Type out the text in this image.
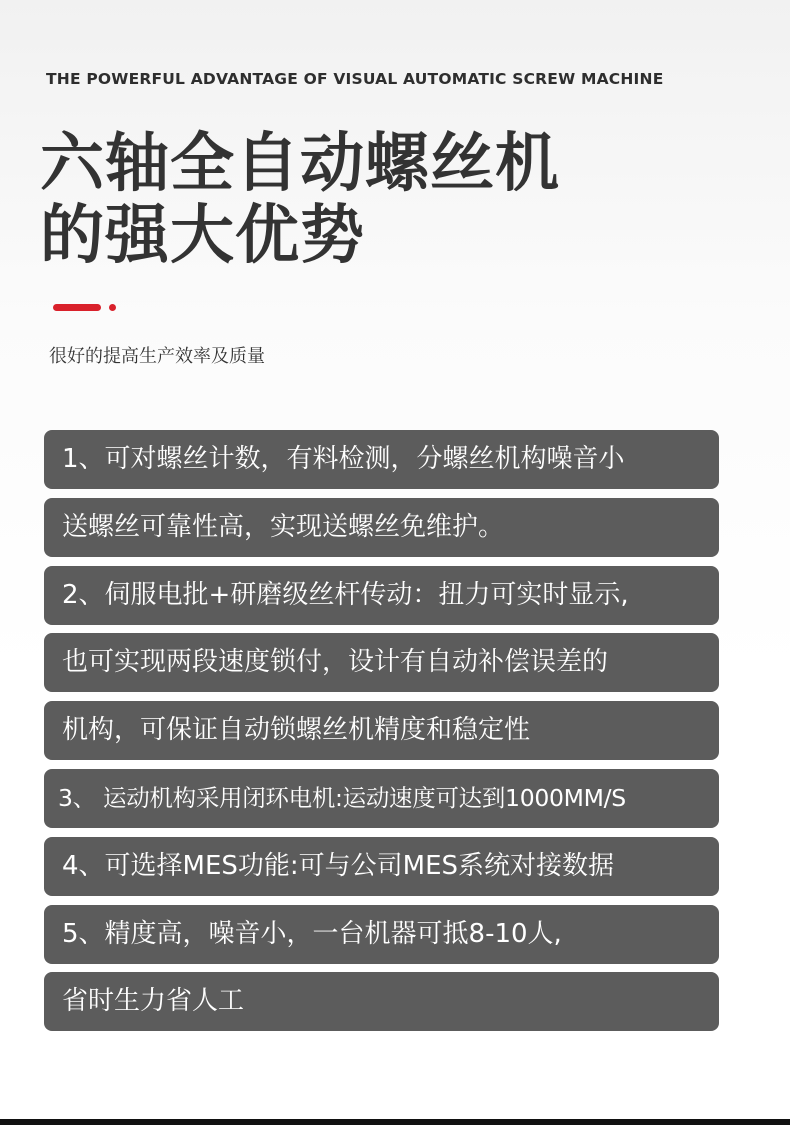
THE POWERFUL ADVANTAGE OF VISUAL AUTOMATIC SCREW MACHINE
六轴全自动螺丝机
的强大优势
很好的提高生产效率及质量
1、可对螺丝计数，有料检测，分螺丝机构噪音小
送螺丝可靠性高，实现送螺丝免维护。
2、伺服电批+研磨级丝杆传动：扭力可实时显示,
也可实现两段速度锁付，设计有自动补偿误差的
机构，可保证自动锁螺丝机精度和稳定性
3、 运动机构采用闭环电机:运动速度可达到1000MM/S
4、可选择MES功能:可与公司MES系统对接数据
5、精度高，噪音小，一台机器可抵8-10人,
省时生力省人工
